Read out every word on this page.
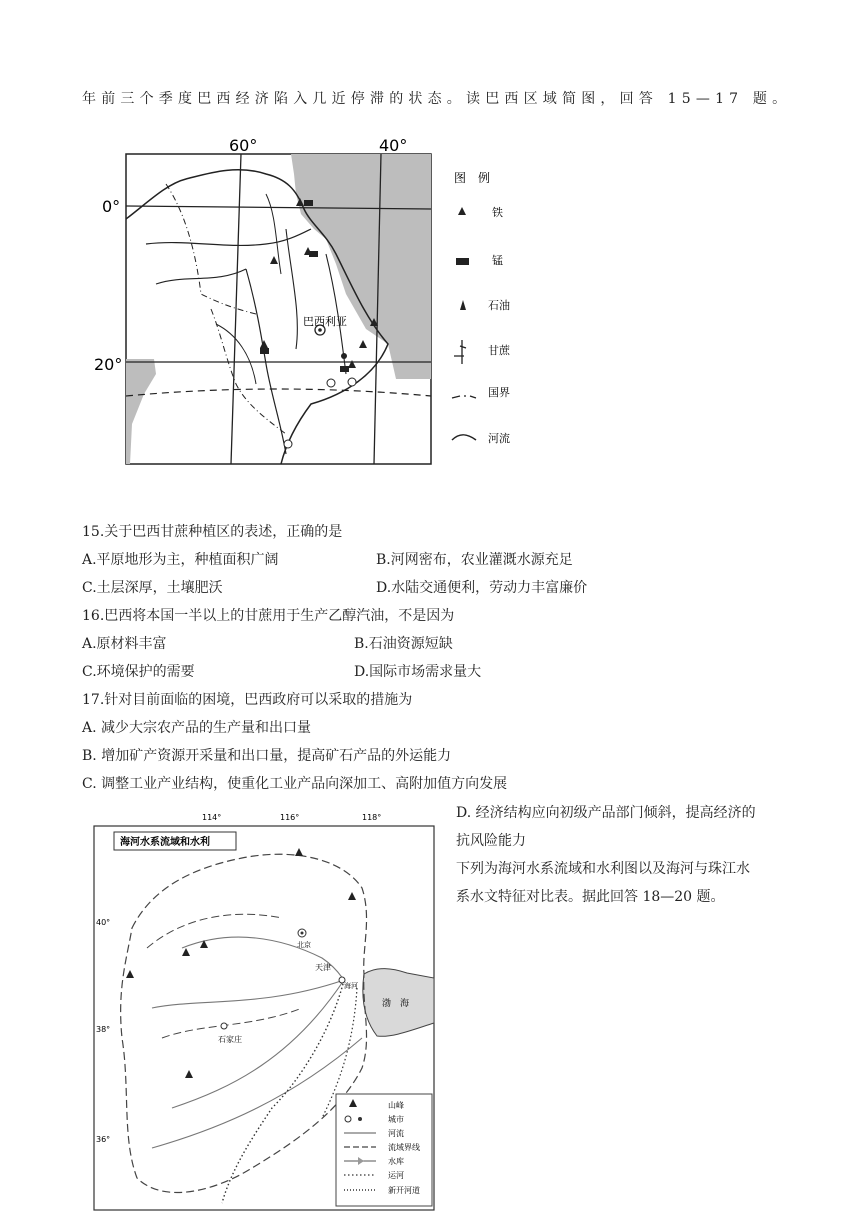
年前三个季度巴西经济陷入几近停滞的状态。读巴西区域简图，回答 15—17 题。
60°	40°
0°
20°
巴西利亚
图　例
铁
锰
石油
甘蔗
国界
河流
15.关于巴西甘蔗种植区的表述，正确的是
A.平原地形为主，种植面积广阔	B.河网密布，农业灌溉水源充足
C.土层深厚，土壤肥沃	D.水陆交通便利，劳动力丰富廉价
16.巴西将本国一半以上的甘蔗用于生产乙醇汽油，不是因为
A.原材料丰富	B.石油资源短缺
C.环境保护的需要	D.国际市场需求量大
17.针对目前面临的困境，巴西政府可以采取的措施为
A. 减少大宗农产品的生产量和出口量
B. 增加矿产资源开采量和出口量，提高矿石产品的外运能力
C. 调整工业产业结构，使重化工业产品向深加工、高附加值方向发展
D. 经济结构应向初级产品部门倾斜，提高经济的
抗风险能力
下列为海河水系流域和水利图以及海河与珠江水
系水文特征对比表。据此回答 18—20 题。
海河水系流域和水利
114°	116°	118°
40°
38°
36°
渤　海
北京
天津
海河
石家庄
山峰
城市
河流
流域界线
水库
运河
新开河道
